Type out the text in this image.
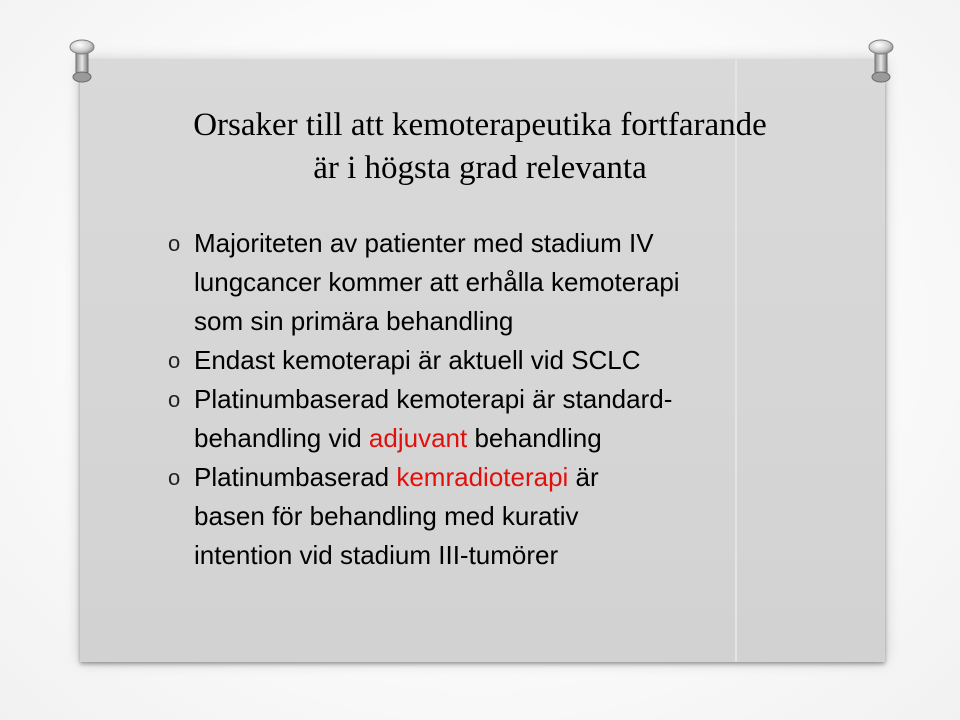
Orsaker till att kemoterapeutika fortfarande
är i högsta grad relevanta
o Majoriteten av patienter med stadium IV
lungcancer kommer att erhålla kemoterapi
som sin primära behandling
o Endast kemoterapi är aktuell vid SCLC
o Platinumbaserad kemoterapi är standard-
behandling vid adjuvant behandling
o Platinumbaserad kemradioterapi är
basen för behandling med kurativ
intention vid stadium III-tumörer
